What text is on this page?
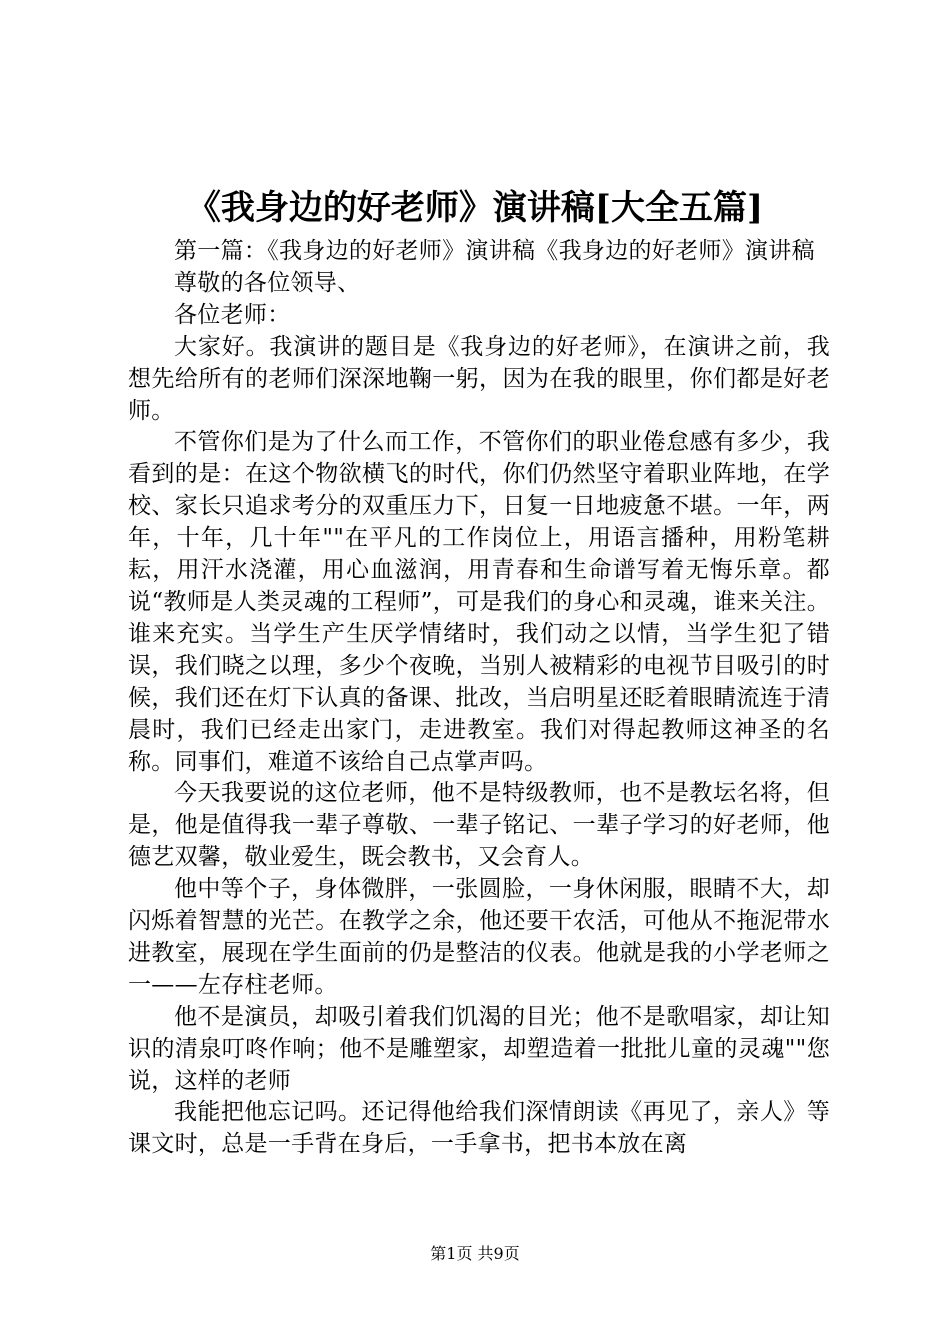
《我身边的好老师》演讲稿[大全五篇]

第一篇：《我身边的好老师》演讲稿《我身边的好老师》演讲稿

尊敬的各位领导、

各位老师：

大家好。我演讲的题目是《我身边的好老师》，在演讲之前，我想先给所有的老师们深深地鞠一躬，因为在我的眼里，你们都是好老师。

不管你们是为了什么而工作，不管你们的职业倦怠感有多少，我看到的是：在这个物欲横飞的时代，你们仍然坚守着职业阵地，在学校、家长只追求考分的双重压力下，日复一日地疲惫不堪。一年，两年，十年，几十年""在平凡的工作岗位上，用语言播种，用粉笔耕耘，用汗水浇灌，用心血滋润，用青春和生命谱写着无悔乐章。都说“教师是人类灵魂的工程师”，可是我们的身心和灵魂，谁来关注。谁来充实。当学生产生厌学情绪时，我们动之以情，当学生犯了错误，我们晓之以理，多少个夜晚，当别人被精彩的电视节目吸引的时候，我们还在灯下认真的备课、批改，当启明星还眨着眼睛流连于清晨时，我们已经走出家门，走进教室。我们对得起教师这神圣的名称。同事们，难道不该给自己点掌声吗。

今天我要说的这位老师，他不是特级教师，也不是教坛名将，但是，他是值得我一辈子尊敬、一辈子铭记、一辈子学习的好老师，他德艺双馨，敬业爱生，既会教书，又会育人。

他中等个子，身体微胖，一张圆脸，一身休闲服，眼睛不大，却闪烁着智慧的光芒。在教学之余，他还要干农活，可他从不拖泥带水进教室，展现在学生面前的仍是整洁的仪表。他就是我的小学老师之一——左存柱老师。

他不是演员，却吸引着我们饥渴的目光；他不是歌唱家，却让知识的清泉叮咚作响；他不是雕塑家，却塑造着一批批儿童的灵魂""您说，这样的老师

我能把他忘记吗。还记得他给我们深情朗读《再见了，亲人》等课文时，总是一手背在身后，一手拿书，把书本放在离

第1页 共9页
